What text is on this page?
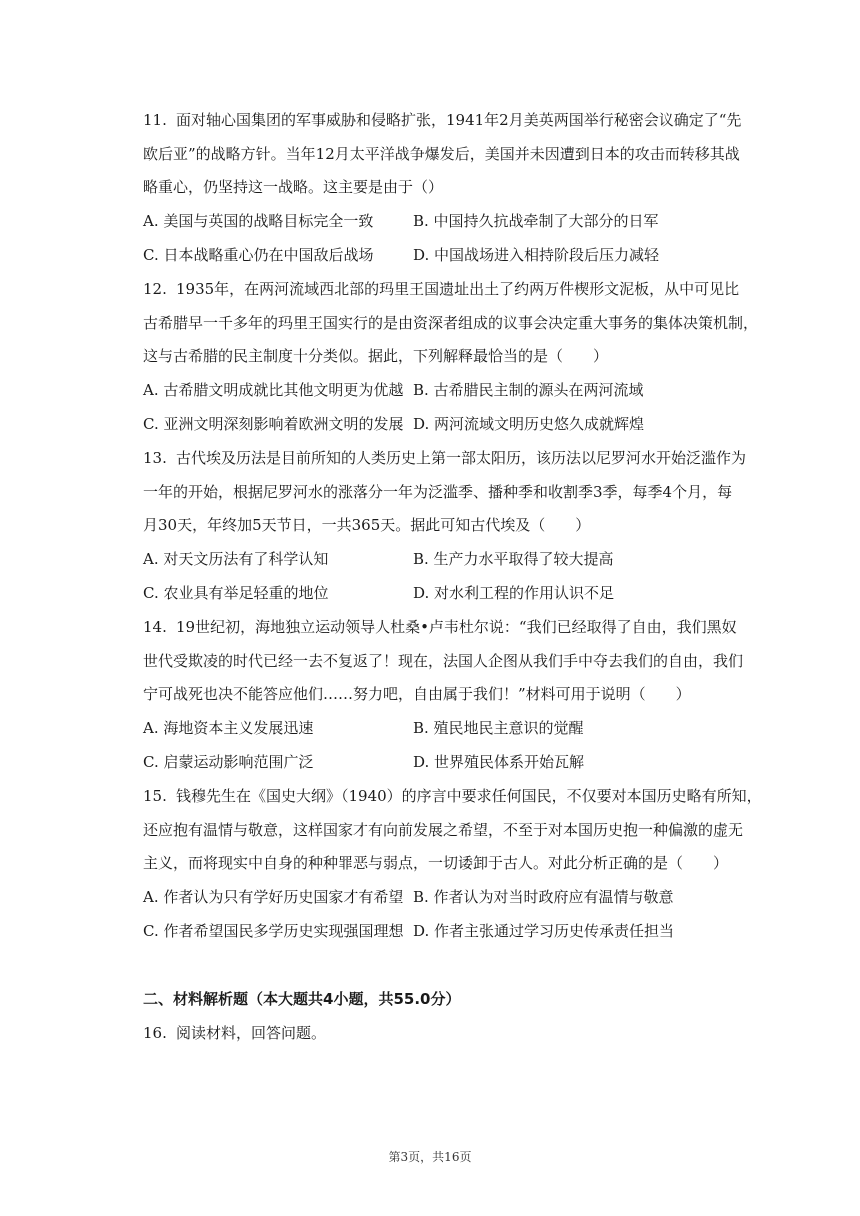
11. 面对轴心国集团的军事威胁和侵略扩张，1941年2月美英两国举行秘密会议确定了“先
欧后亚”的战略方针。当年12月太平洋战争爆发后，美国并未因遭到日本的攻击而转移其战
略重心，仍坚持这一战略。这主要是由于（）
A. 美国与英国的战略目标完全一致	B. 中国持久抗战牵制了大部分的日军
C. 日本战略重心仍在中国敌后战场	D. 中国战场进入相持阶段后压力减轻
12. 1935年，在两河流域西北部的玛里王国遗址出土了约两万件楔形文泥板，从中可见比
古希腊早一千多年的玛里王国实行的是由资深者组成的议事会决定重大事务的集体决策机制，
这与古希腊的民主制度十分类似。据此，下列解释最恰当的是（　　）
A. 古希腊文明成就比其他文明更为优越 B. 古希腊民主制的源头在两河流域
C. 亚洲文明深刻影响着欧洲文明的发展 D. 两河流域文明历史悠久成就辉煌
13. 古代埃及历法是目前所知的人类历史上第一部太阳历，该历法以尼罗河水开始泛滥作为
一年的开始，根据尼罗河水的涨落分一年为泛滥季、播种季和收割季3季，每季4个月，每
月30天，年终加5天节日，一共365天。据此可知古代埃及（　　）
A. 对天文历法有了科学认知	B. 生产力水平取得了较大提高
C. 农业具有举足轻重的地位	D. 对水利工程的作用认识不足
14. 19世纪初，海地独立运动领导人杜桑•卢韦杜尔说：“我们已经取得了自由，我们黑奴
世代受欺凌的时代已经一去不复返了！现在，法国人企图从我们手中夺去我们的自由，我们
宁可战死也决不能答应他们……努力吧，自由属于我们！”材料可用于说明（　　）
A. 海地资本主义发展迅速	B. 殖民地民主意识的觉醒
C. 启蒙运动影响范围广泛	D. 世界殖民体系开始瓦解
15. 钱穆先生在《国史大纲》（1940）的序言中要求任何国民，不仅要对本国历史略有所知，
还应抱有温情与敬意，这样国家才有向前发展之希望，不至于对本国历史抱一种偏激的虚无
主义，而将现实中自身的种种罪恶与弱点，一切诿卸于古人。对此分析正确的是（　　）
A. 作者认为只有学好历史国家才有希望 B. 作者认为对当时政府应有温情与敬意
C. 作者希望国民多学历史实现强国理想 D. 作者主张通过学习历史传承责任担当
二、材料解析题（本大题共4小题，共55.0分）
16. 阅读材料，回答问题。
第3页，共16页
